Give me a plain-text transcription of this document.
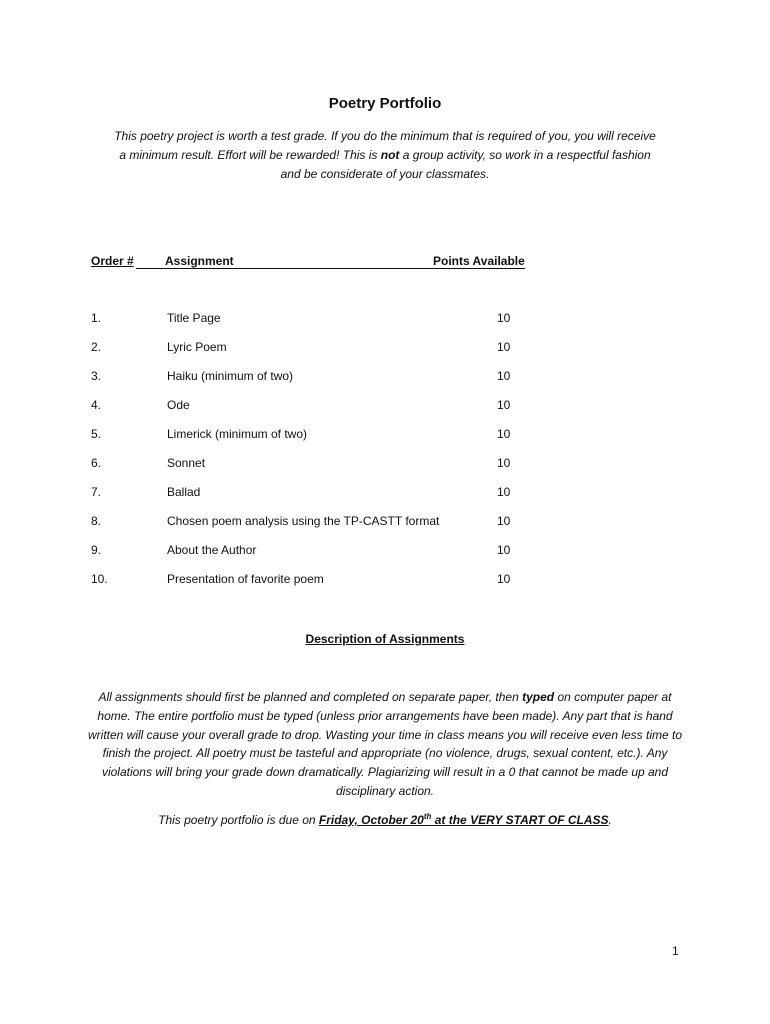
Poetry Portfolio
This poetry project is worth a test grade. If you do the minimum that is required of you, you will receive a minimum result. Effort will be rewarded! This is not a group activity, so work in a respectful fashion and be considerate of your classmates.
Order #	Assignment	Points Available
1.	Title Page	10
2.	Lyric Poem	10
3.	Haiku (minimum of two)	10
4.	Ode	10
5.	Limerick (minimum of two)	10
6.	Sonnet	10
7.	Ballad	10
8.	Chosen poem analysis using the TP-CASTT format	10
9.	About the Author	10
10.	Presentation of favorite poem	10
Description of Assignments
All assignments should first be planned and completed on separate paper, then typed on computer paper at home. The entire portfolio must be typed (unless prior arrangements have been made). Any part that is hand written will cause your overall grade to drop. Wasting your time in class means you will receive even less time to finish the project. All poetry must be tasteful and appropriate (no violence, drugs, sexual content, etc.). Any violations will bring your grade down dramatically. Plagiarizing will result in a 0 that cannot be made up and disciplinary action.
This poetry portfolio is due on Friday, October 20th at the VERY START OF CLASS.
1
